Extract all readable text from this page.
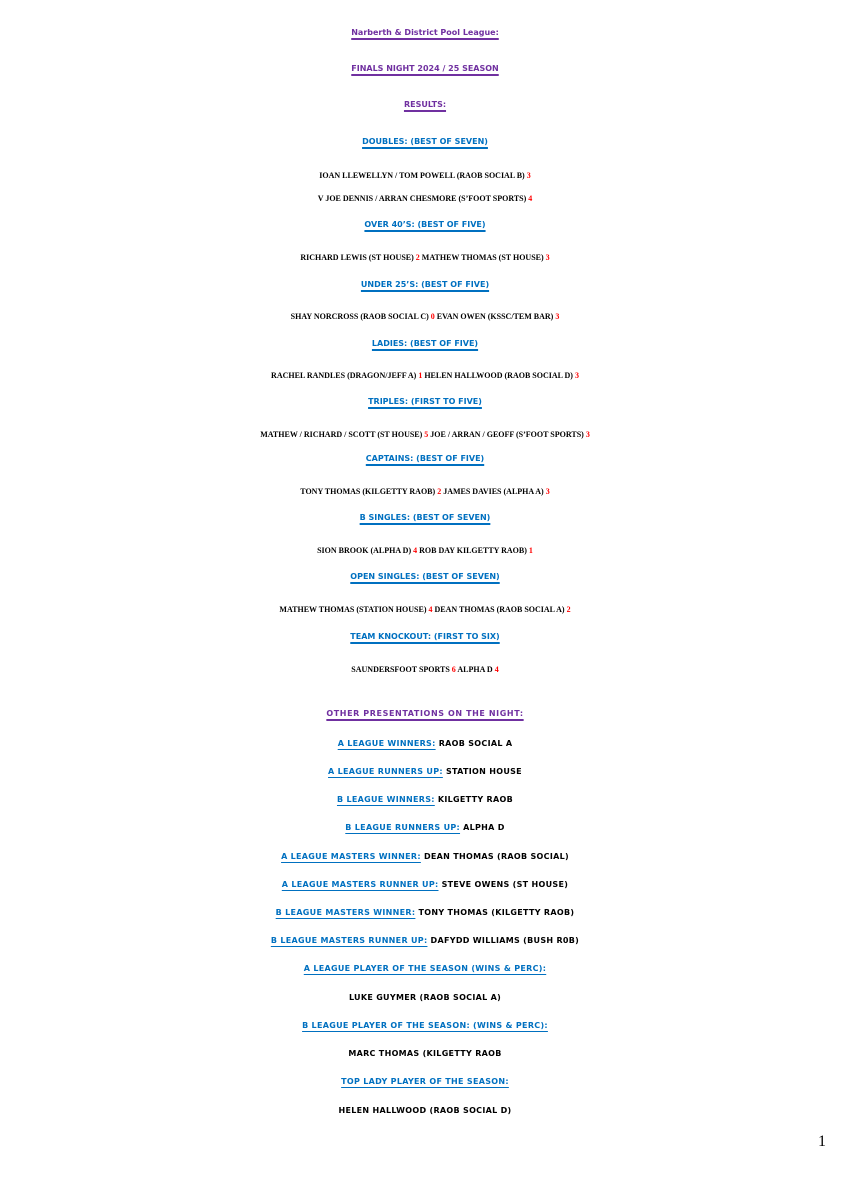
Narberth & District Pool League:
FINALS NIGHT 2024 / 25 SEASON
RESULTS:
DOUBLES: (BEST OF SEVEN)
IOAN LLEWELLYN / TOM POWELL (RAOB SOCIAL B) 3
V JOE DENNIS / ARRAN CHESMORE (S’FOOT SPORTS) 4
OVER 40’S: (BEST OF FIVE)
RICHARD LEWIS (ST HOUSE) 2 MATHEW THOMAS (ST HOUSE) 3
UNDER 25’S: (BEST OF FIVE)
SHAY NORCROSS (RAOB SOCIAL C) 0 EVAN OWEN (KSSC/TEM BAR) 3
LADIES: (BEST OF FIVE)
RACHEL RANDLES (DRAGON/JEFF A) 1 HELEN HALLWOOD (RAOB SOCIAL D) 3
TRIPLES: (FIRST TO FIVE)
MATHEW / RICHARD / SCOTT (ST HOUSE) 5 JOE / ARRAN / GEOFF (S’FOOT SPORTS) 3
CAPTAINS: (BEST OF FIVE)
TONY THOMAS (KILGETTY RAOB) 2 JAMES DAVIES (ALPHA A) 3
B SINGLES: (BEST OF SEVEN)
SION BROOK (ALPHA D) 4 ROB DAY KILGETTY RAOB) 1
OPEN SINGLES: (BEST OF SEVEN)
MATHEW THOMAS (STATION HOUSE) 4 DEAN THOMAS (RAOB SOCIAL A) 2
TEAM KNOCKOUT: (FIRST TO SIX)
SAUNDERSFOOT SPORTS 6 ALPHA D 4
OTHER PRESENTATIONS ON THE NIGHT:
A LEAGUE WINNERS: RAOB SOCIAL A
A LEAGUE RUNNERS UP: STATION HOUSE
B LEAGUE WINNERS: KILGETTY RAOB
B LEAGUE RUNNERS UP: ALPHA D
A LEAGUE MASTERS WINNER: DEAN THOMAS (RAOB SOCIAL)
A LEAGUE MASTERS RUNNER UP: STEVE OWENS (ST HOUSE)
B LEAGUE MASTERS WINNER: TONY THOMAS (KILGETTY RAOB)
B LEAGUE MASTERS RUNNER UP: DAFYDD WILLIAMS (BUSH R0B)
A LEAGUE PLAYER OF THE SEASON (WINS & PERC):
LUKE GUYMER (RAOB SOCIAL A)
B LEAGUE PLAYER OF THE SEASON: (WINS & PERC):
MARC THOMAS (KILGETTY RAOB
TOP LADY PLAYER OF THE SEASON:
HELEN HALLWOOD (RAOB SOCIAL D)
1
